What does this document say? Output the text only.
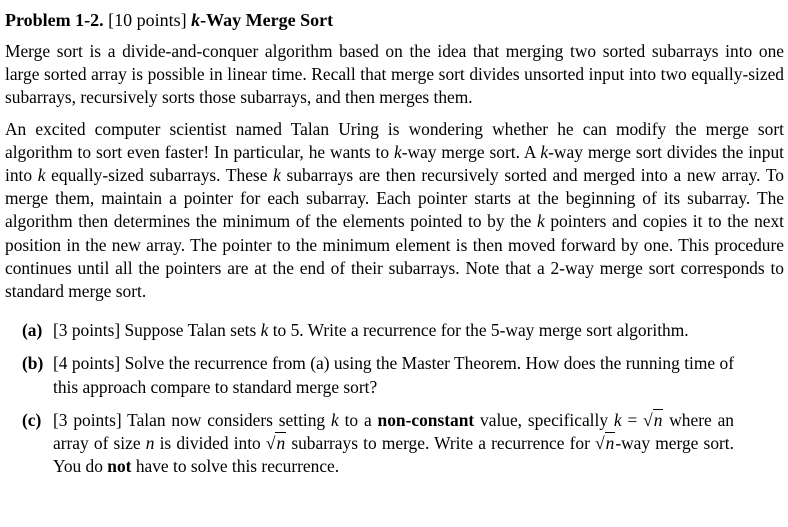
Problem 1-2. [10 points] k-Way Merge Sort

Merge sort is a divide-and-conquer algorithm based on the idea that merging two sorted subarrays into one large sorted array is possible in linear time. Recall that merge sort divides unsorted input into two equally-sized subarrays, recursively sorts those subarrays, and then merges them.

An excited computer scientist named Talan Uring is wondering whether he can modify the merge sort algorithm to sort even faster! In particular, he wants to k-way merge sort. A k-way merge sort divides the input into k equally-sized subarrays. These k subarrays are then recursively sorted and merged into a new array. To merge them, maintain a pointer for each subarray. Each pointer starts at the beginning of its subarray. The algorithm then determines the minimum of the elements pointed to by the k pointers and copies it to the next position in the new array. The pointer to the minimum element is then moved forward by one. This procedure continues until all the pointers are at the end of their subarrays. Note that a 2-way merge sort corresponds to standard merge sort.

(a) [3 points] Suppose Talan sets k to 5. Write a recurrence for the 5-way merge sort algorithm.
(b) [4 points] Solve the recurrence from (a) using the Master Theorem. How does the running time of this approach compare to standard merge sort?
(c) [3 points] Talan now considers setting k to a non-constant value, specifically k = √n where an array of size n is divided into √n subarrays to merge. Write a recurrence for √n-way merge sort. You do not have to solve this recurrence.
